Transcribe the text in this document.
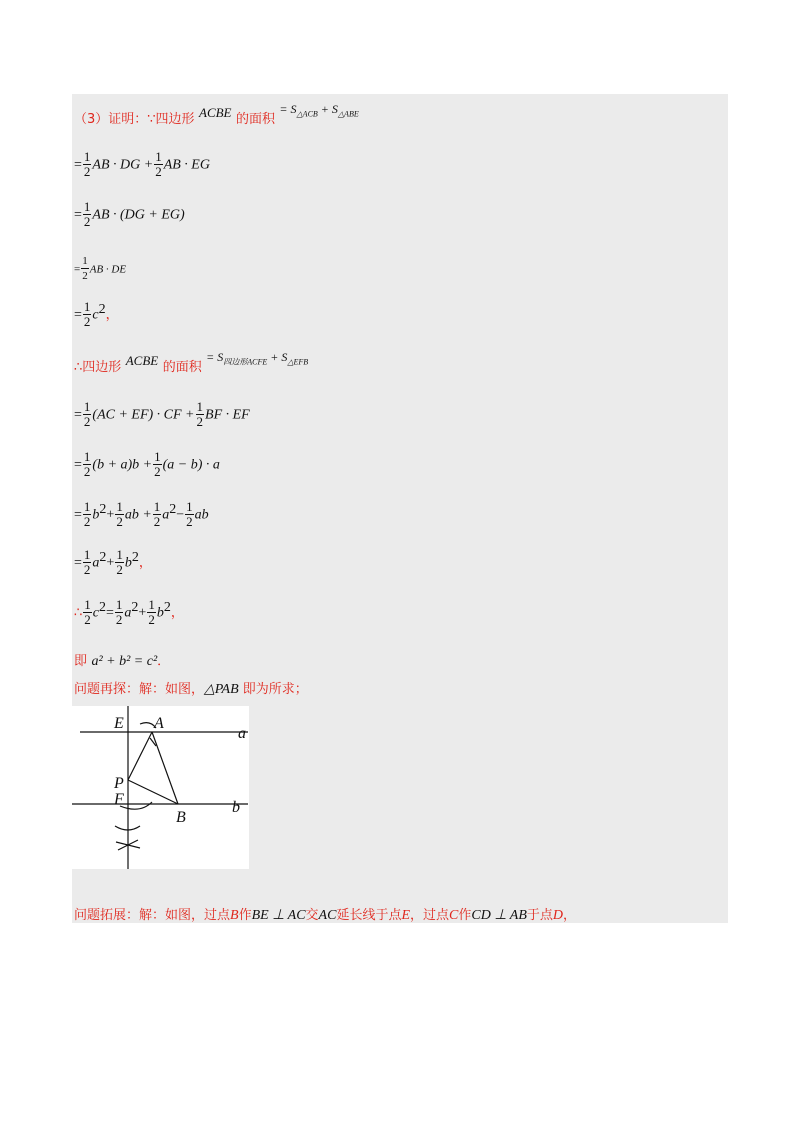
（3）证明：∵四边形 ACBE 的面积 = $S_{\triangle ACB} + S_{\triangle ABE}$
= $\frac{1}{2}$ AB · DG + $\frac{1}{2}$ AB · EG
= $\frac{1}{2}$ AB · (DG + EG)
= $\frac{1}{2}$ AB · DE
= $\frac{1}{2} c^2$，
∴四边形 ACBE 的面积 = $S_{四边形ACFE} + S_{\triangle EFB}$
= $\frac{1}{2} (AC + EF)$ · CF + $\frac{1}{2}$ BF · EF
= $\frac{1}{2} (b + a)b + \frac{1}{2} (a - b) \cdot a$
= $\frac{1}{2} b^2+ \frac{1}{2}$ ab + $\frac{1}{2} a^2- \frac{1}{2}$ ab
= $\frac{1}{2} a^2+ \frac{1}{2} b^2$，
∴ $\frac{1}{2} c^2= \frac{1}{2} a^2+ \frac{1}{2} b^2$，
即 a² + b² = c²．
问题再探：解：如图，△PAB 即为所求；
E A
a
P
F
B
b
问题拓展：解：如图，过点B作BE ⊥ AC交AC延长线于点E，过点C作CD ⊥ AB于点D，
